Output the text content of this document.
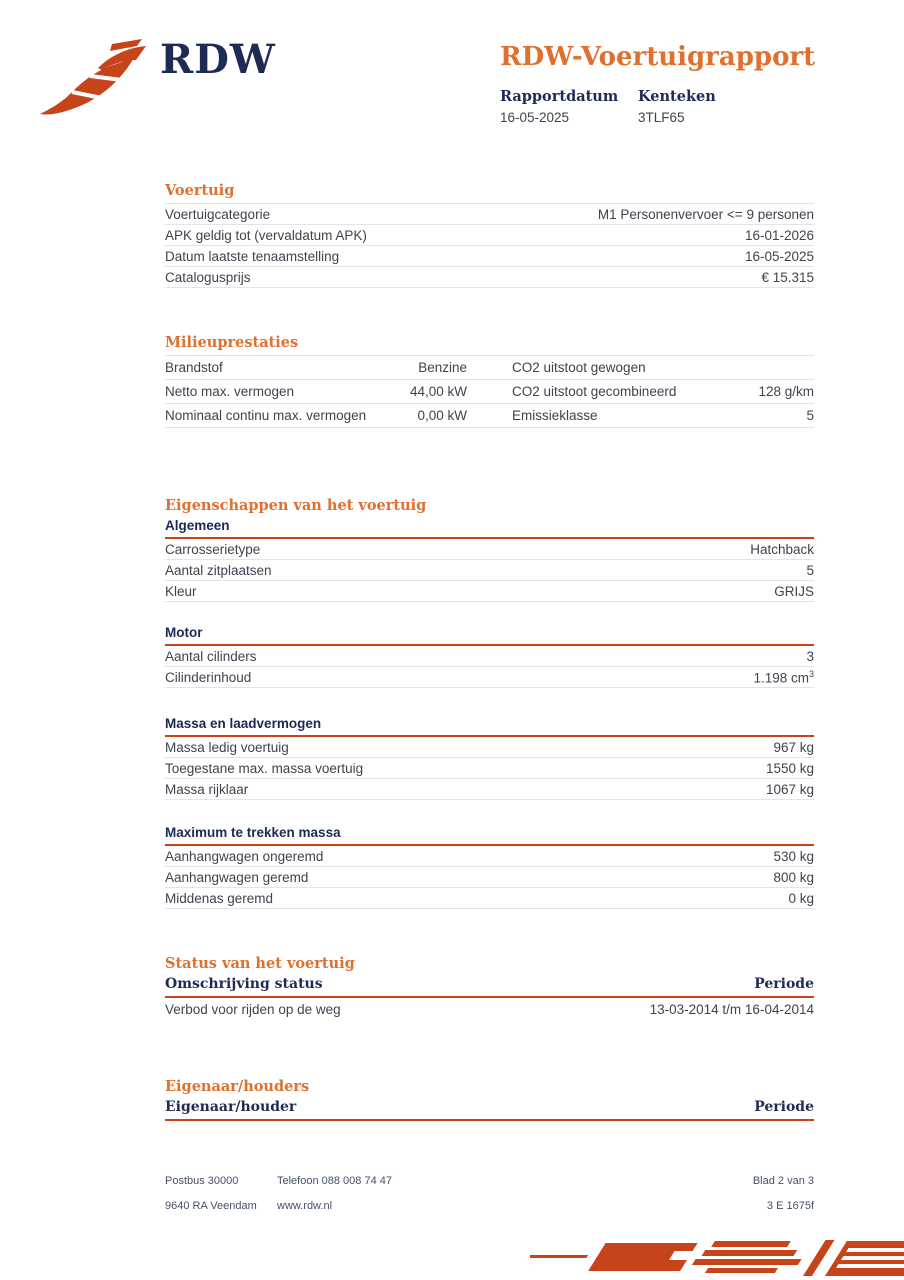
RDW	RDW-Voertuigrapport
Rapportdatum
16-05-2025
Kenteken
3TLF65
Voertuig
Voertuigcategorie	M1 Personenvervoer <= 9 personen
APK geldig tot (vervaldatum APK)	16-01-2026
Datum laatste tenaamstelling	16-05-2025
Catalogusprijs	€ 15.315
Milieuprestaties
Brandstof	Benzine	CO2 uitstoot gewogen
Netto max. vermogen	44,00 kW	CO2 uitstoot gecombineerd	128 g/km
Nominaal continu max. vermogen	0,00 kW	Emissieklasse	5
Eigenschappen van het voertuig
Algemeen
Carrosserietype	Hatchback
Aantal zitplaatsen	5
Kleur	GRIJS
Motor
Aantal cilinders	3
Cilinderinhoud	1.198 $cm^3$
Massa en laadvermogen
Massa ledig voertuig	967 kg
Toegestane max. massa voertuig	1550 kg
Massa rijklaar	1067 kg
Maximum te trekken massa
Aanhangwagen ongeremd	530 kg
Aanhangwagen geremd	800 kg
Middenas geremd	0 kg
Status van het voertuig
Omschrijving status	Periode
Verbod voor rijden op de weg	13-03-2014 t/m 16-04-2014
Eigenaar/houders
Eigenaar/houder	Periode
Postbus 30000	Telefoon 088 008 74 47	Blad 2 van 3
9640 RA Veendam	www.rdw.nl	3 E 1675f
